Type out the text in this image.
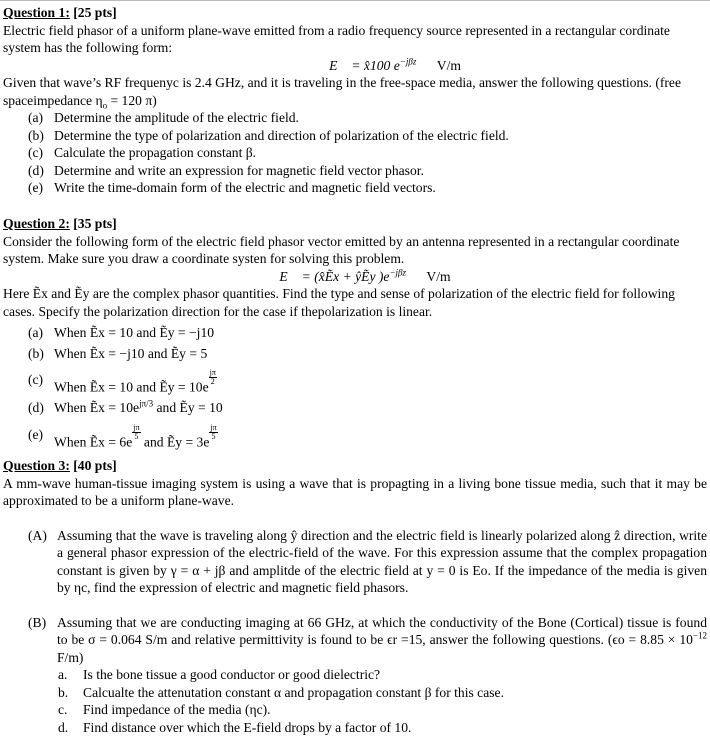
Question 1: [25 pts]

Electric field phasor of a uniform plane-wave emitted from a radio frequency source represented in a rectangular cordinate system has the following form:

E⃗ = x̂100 $e^{-j\beta z}$ V/m

Given that wave’s RF frequenyc is 2.4 GHz, and it is traveling in the free-space media, answer the following questions. (free spaceimpedance $\eta_o = 120$ π)

(a) Determine the amplitude of the electric field.
(b) Determine the type of polarization and direction of polarization of the electric field.
(c) Calculate the propagation constant β.
(d) Determine and write an expression for magnetic field vector phasor.
(e) Write the time-domain form of the electric and magnetic field vectors.

Question 2: [35 pts]

Consider the following form of the electric field phasor vector emitted by an antenna represented in a rectangular coordinate system. Make sure you draw a coordinate systen for solving this problem.

E⃗ = (x̂Ẽx + ŷẼy )$e^{-j\beta z}$ V/m

Here Ẽx and Ẽy are the complex phasor quantities. Find the type and sense of polarization of the electric field for following cases. Specify the polarization direction for the case if thepolarization is linear.

(a) When Ẽx = 10 and Ẽy = −j10
(b) When Ẽx = −j10 and Ẽy = 5
(c)
When Ẽx = 10 and Ẽy = 10e
$\frac{j\pi}{2}$
(d) When Ẽx = $10e^{j\pi/3}$ and Ẽy = 10
(e)
When Ẽx = 6e
$\frac{j\pi}{5}$
and Ẽy = 3e
$\frac{j\pi}{5}$

Question 3: [40 pts]

A mm-wave human-tissue imaging system is using a wave that is propagting in a living bone tissue media, such that it may be approximated to be a uniform plane-wave.

(A) Assuming that the wave is traveling along ŷ direction and the electric field is linearly polarized along ẑ direction, write a general phasor expression of the electric-field of the wave. For this expression assume that the complex propagation constant is given by γ = α + jβ and amplitde of the electric field at y = 0 is Eo. If the impedance of the media is given by ηc, find the expression of electric and magnetic field phasors.
(B) Assuming that we are conducting imaging at 66 GHz, at which the conductivity of the Bone (Cortical) tissue is found to be σ = 0.064 S/m and relative permittivity is found to be ϵr =15, answer the following questions. ($\epsilon o = 8.85 \times 10^{-12}$ F/m)
a. Is the bone tissue a good conductor or good dielectric?
b. Calcualte the attenutation constant α and propagation constant β for this case.
c. Find impedance of the media (ηc).
d. Find distance over which the E-field drops by a factor of 10.
